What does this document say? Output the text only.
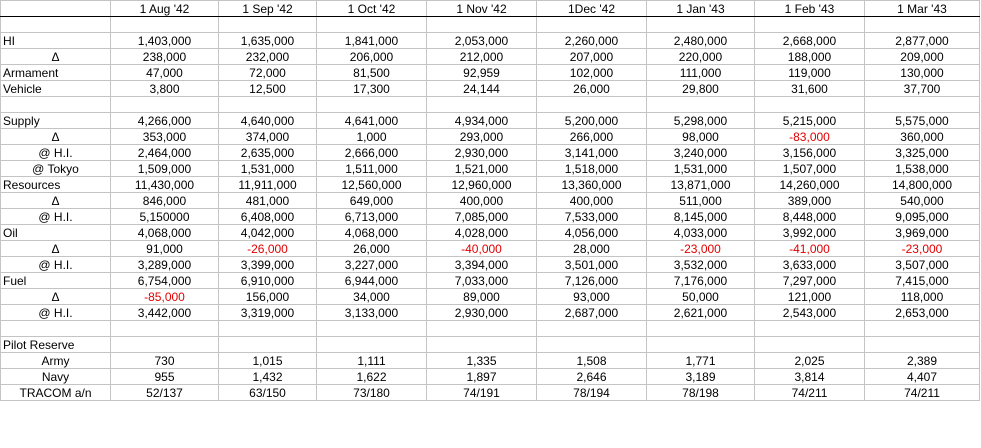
	1 Aug '42	1 Sep '42	1 Oct '42	1 Nov '42	1Dec '42	1 Jan '43	1 Feb '43	1 Mar '43

HI	1,403,000	1,635,000	1,841,000	2,053,000	2,260,000	2,480,000	2,668,000	2,877,000
Δ	238,000	232,000	206,000	212,000	207,000	220,000	188,000	209,000
Armament	47,000	72,000	81,500	92,959	102,000	111,000	119,000	130,000
Vehicle	3,800	12,500	17,300	24,144	26,000	29,800	31,600	37,700

Supply	4,266,000	4,640,000	4,641,000	4,934,000	5,200,000	5,298,000	5,215,000	5,575,000
Δ	353,000	374,000	1,000	293,000	266,000	98,000	-83,000	360,000
@ H.I.	2,464,000	2,635,000	2,666,000	2,930,000	3,141,000	3,240,000	3,156,000	3,325,000
@ Tokyo	1,509,000	1,531,000	1,511,000	1,521,000	1,518,000	1,531,000	1,507,000	1,538,000
Resources	11,430,000	11,911,000	12,560,000	12,960,000	13,360,000	13,871,000	14,260,000	14,800,000
Δ	846,000	481,000	649,000	400,000	400,000	511,000	389,000	540,000
@ H.I.	5,150000	6,408,000	6,713,000	7,085,000	7,533,000	8,145,000	8,448,000	9,095,000
Oil	4,068,000	4,042,000	4,068,000	4,028,000	4,056,000	4,033,000	3,992,000	3,969,000
Δ	91,000	-26,000	26,000	-40,000	28,000	-23,000	-41,000	-23,000
@ H.I.	3,289,000	3,399,000	3,227,000	3,394,000	3,501,000	3,532,000	3,633,000	3,507,000
Fuel	6,754,000	6,910,000	6,944,000	7,033,000	7,126,000	7,176,000	7,297,000	7,415,000
Δ	-85,000	156,000	34,000	89,000	93,000	50,000	121,000	118,000
@ H.I.	3,442,000	3,319,000	3,133,000	2,930,000	2,687,000	2,621,000	2,543,000	2,653,000

Pilot Reserve								
Army	730	1,015	1,111	1,335	1,508	1,771	2,025	2,389
Navy	955	1,432	1,622	1,897	2,646	3,189	3,814	4,407
TRACOM a/n	52/137	63/150	73/180	74/191	78/194	78/198	74/211	74/211
